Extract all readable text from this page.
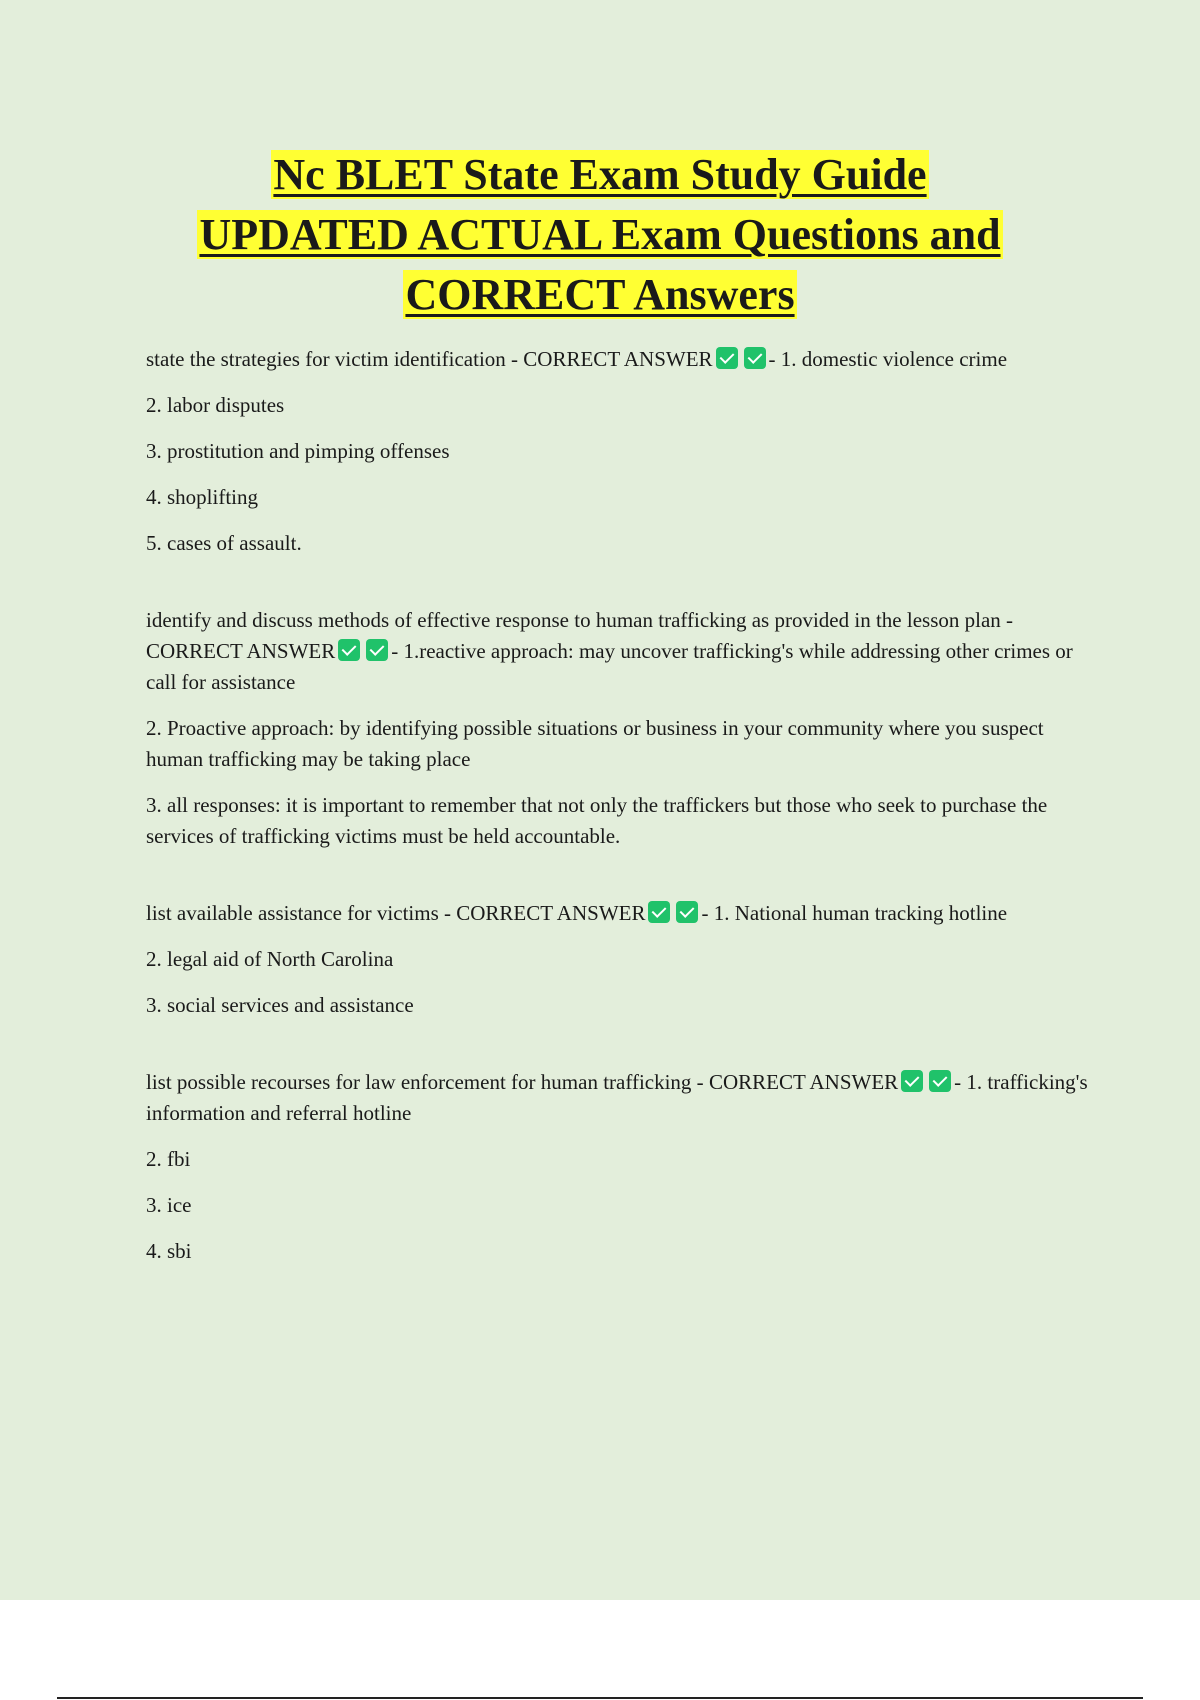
Nc BLET State Exam Study Guide
UPDATED ACTUAL Exam Questions and
CORRECT Answers

state the strategies for victim identification - CORRECT ANSWER	- 1. domestic violence crime

2. labor disputes

3. prostitution and pimping offenses

4. shoplifting

5. cases of assault.

identify and discuss methods of effective response to human trafficking as provided in the lesson plan - CORRECT ANSWER	- 1.reactive approach: may uncover trafficking's while addressing other crimes or call for assistance

2. Proactive approach: by identifying possible situations or business in your community where you suspect human trafficking may be taking place

3. all responses: it is important to remember that not only the traffickers but those who seek to purchase the services of trafficking victims must be held accountable.

list available assistance for victims - CORRECT ANSWER	- 1. National human tracking hotline

2. legal aid of North Carolina

3. social services and assistance

list possible recourses for law enforcement for human trafficking - CORRECT ANSWER	- 1. trafficking's information and referral hotline

2. fbi

3. ice

4. sbi
